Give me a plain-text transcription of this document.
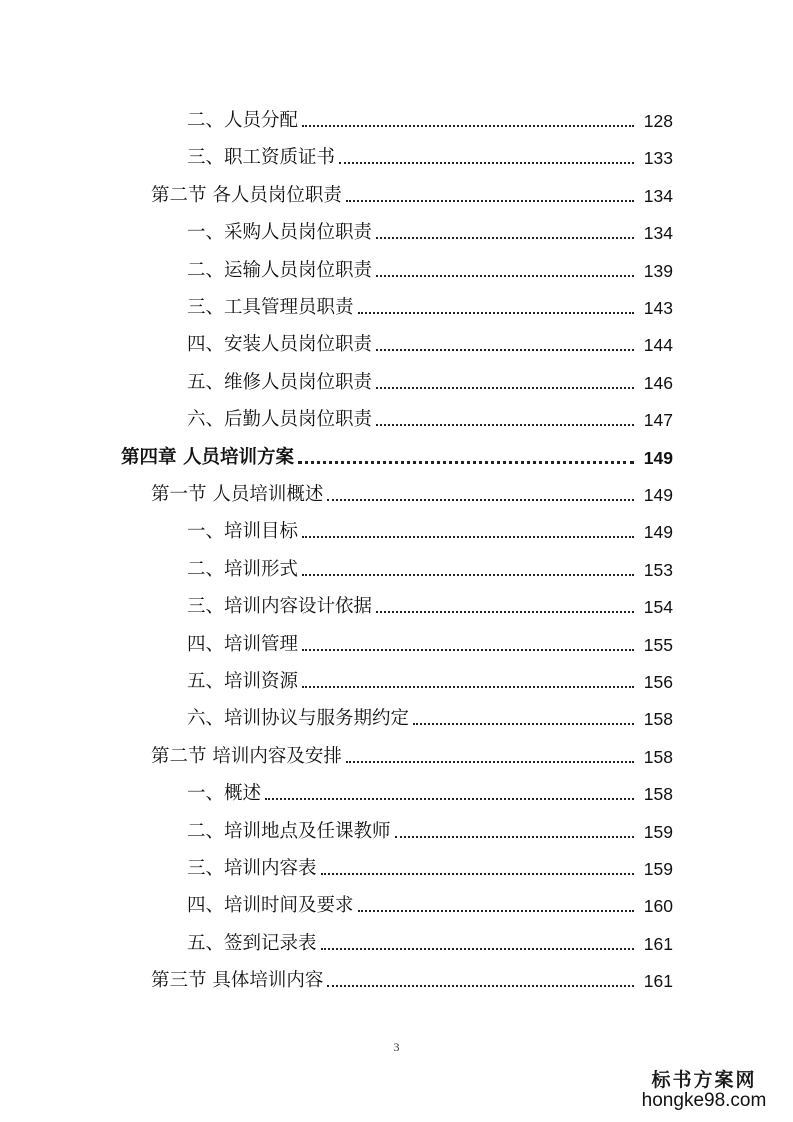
二、人员分配	128
三、职工资质证书	133
第二节 各人员岗位职责	134
一、采购人员岗位职责	134
二、运输人员岗位职责	139
三、工具管理员职责	143
四、安装人员岗位职责	144
五、维修人员岗位职责	146
六、后勤人员岗位职责	147
第四章 人员培训方案	149
第一节 人员培训概述	149
一、培训目标	149
二、培训形式	153
三、培训内容设计依据	154
四、培训管理	155
五、培训资源	156
六、培训协议与服务期约定	158
第二节 培训内容及安排	158
一、概述	158
二、培训地点及任课教师	159
三、培训内容表	159
四、培训时间及要求	160
五、签到记录表	161
第三节 具体培训内容	161
3
标书方案网
hongke98.com
